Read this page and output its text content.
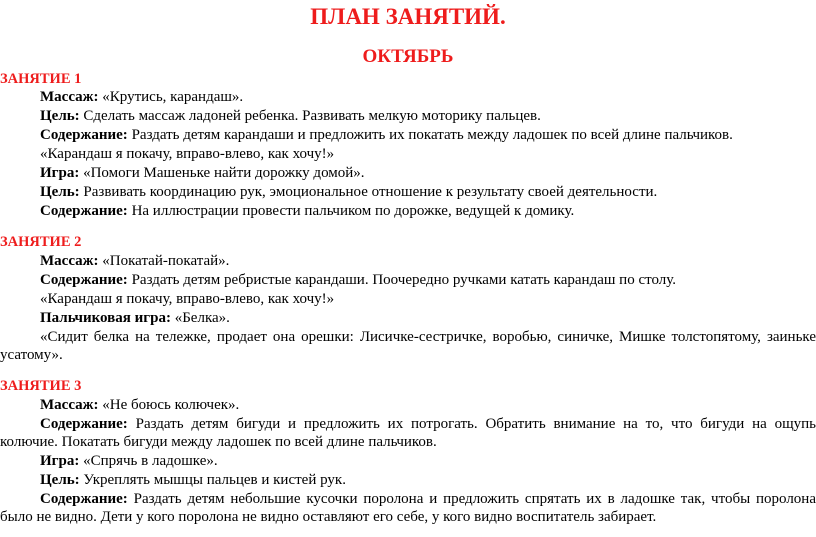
ПЛАН ЗАНЯТИЙ.
ОКТЯБРЬ

ЗАНЯТИЕ 1

Массаж: «Крутись, карандаш».

Цель: Сделать массаж ладоней ребенка. Развивать мелкую моторику пальцев.

Содержание: Раздать детям карандаши и предложить их покатать между ладошек по всей длине пальчиков.

«Карандаш я покачу, вправо-влево, как хочу!»

Игра: «Помоги Машеньке найти дорожку домой».

Цель: Развивать координацию рук, эмоциональное отношение к результату своей деятельности.

Содержание: На иллюстрации провести пальчиком по дорожке, ведущей к домику.

ЗАНЯТИЕ 2

Массаж: «Покатай-покатай».

Содержание: Раздать детям ребристые карандаши. Поочередно ручками катать карандаш по столу.

«Карандаш я покачу, вправо-влево, как хочу!»

Пальчиковая игра: «Белка».

«Сидит белка на тележке, продает она орешки: Лисичке-сестричке, воробью, синичке, Мишке толстопятому, заиньке усатому».

ЗАНЯТИЕ 3

Массаж: «Не боюсь колючек».

Содержание: Раздать детям бигуди и предложить их потрогать. Обратить внимание на то, что бигуди на ощупь колючие. Покатать бигуди между ладошек по всей длине пальчиков.

Игра: «Спрячь в ладошке».

Цель: Укреплять мышцы пальцев и кистей рук.

Содержание: Раздать детям небольшие кусочки поролона и предложить спрятать их в ладошке так, чтобы поролона было не видно. Дети у кого поролона не видно оставляют его себе, у кого видно воспитатель забирает.
